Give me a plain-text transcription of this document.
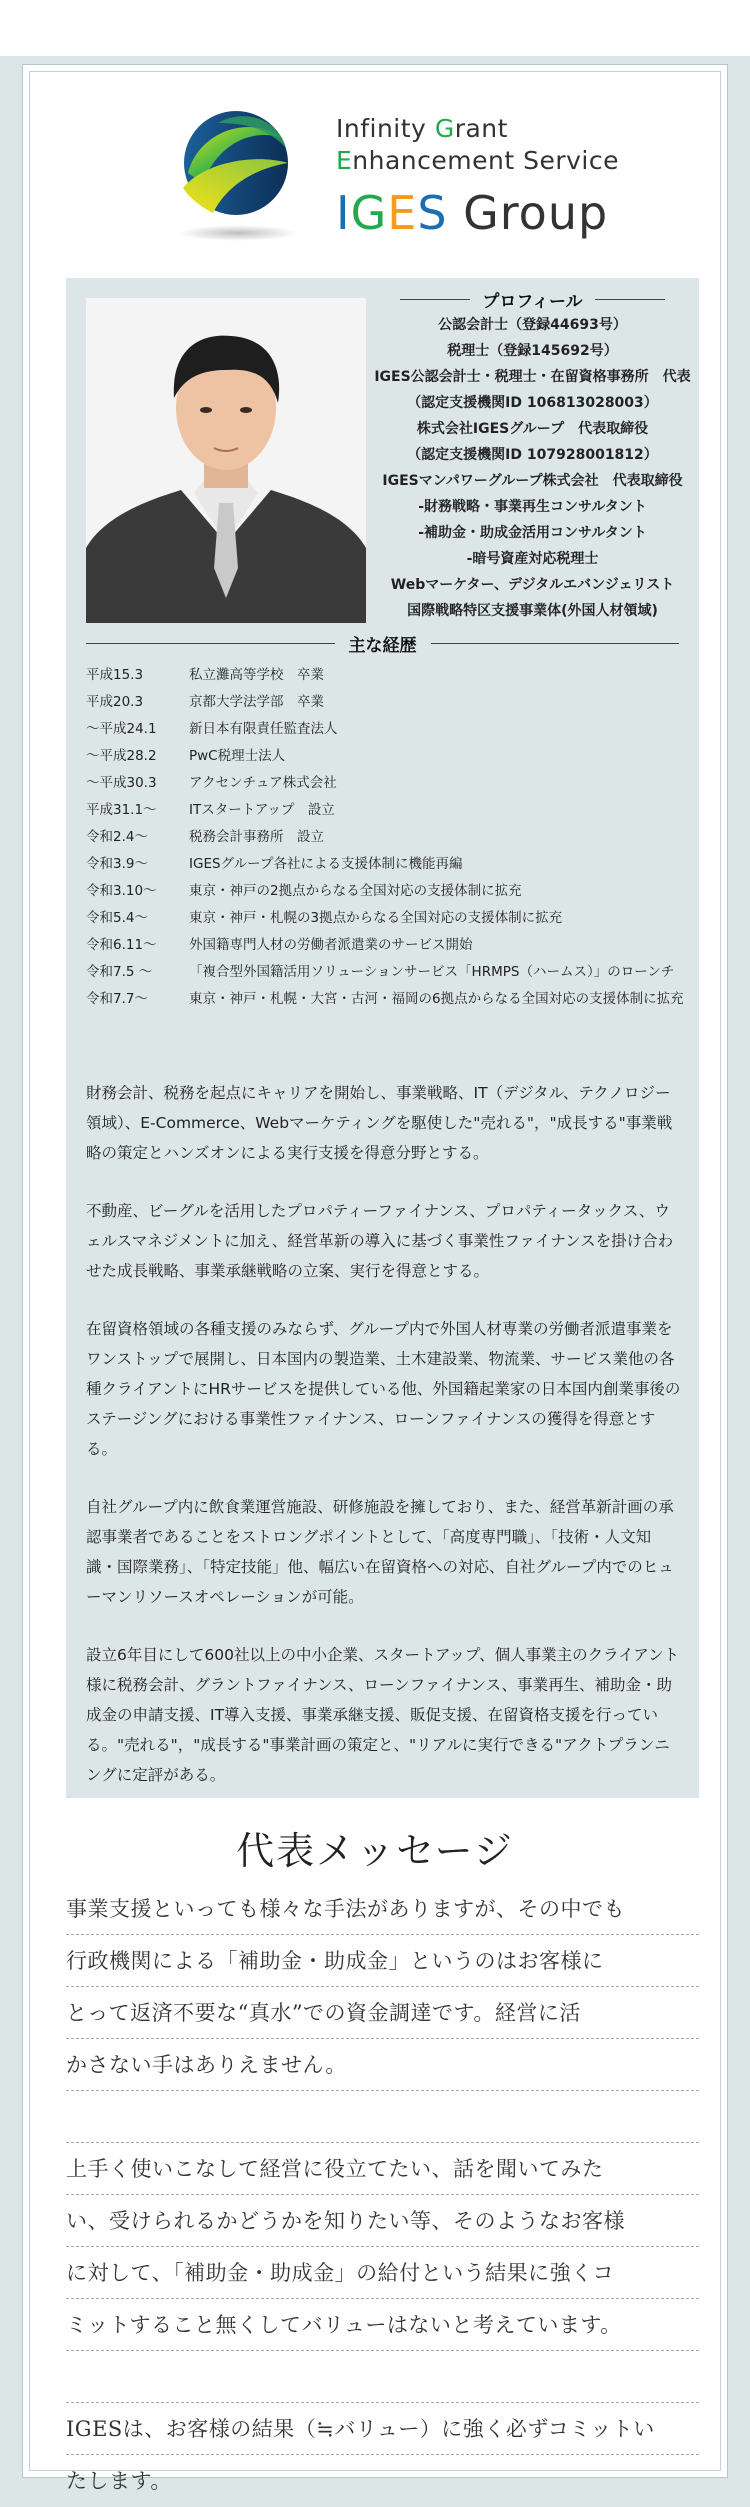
Infinity Grant
Enhancement Service
IGES Group
プロフィール
公認会計士（登録44693号）
税理士（登録145692号）
IGES公認会計士・税理士・在留資格事務所　代表
（認定支援機関ID 106813028003）
株式会社IGESグループ　代表取締役
（認定支援機関ID 107928001812）
IGESマンパワーグループ株式会社　代表取締役
-財務戦略・事業再生コンサルタント
-補助金・助成金活用コンサルタント
-暗号資産対応税理士
Webマーケター、デジタルエバンジェリスト
国際戦略特区支援事業体(外国人材領域)
主な経歴
平成15.3	私立灘高等学校　卒業
平成20.3	京都大学法学部　卒業
～平成24.1	新日本有限責任監査法人
～平成28.2	PwC税理士法人
～平成30.3	アクセンチュア株式会社
平成31.1～	ITスタートアップ　設立
令和2.4～	税務会計事務所　設立
令和3.9～	IGESグループ各社による支援体制に機能再編
令和3.10～	東京・神戸の2拠点からなる全国対応の支援体制に拡充
令和5.4～	東京・神戸・札幌の3拠点からなる全国対応の支援体制に拡充
令和6.11～	外国籍専門人材の労働者派遣業のサービス開始
令和7.5 ～	「複合型外国籍活用ソリューションサービス「HRMPS（ハームス）」のローンチ
令和7.7～	東京・神戸・札幌・大宮・古河・福岡の6拠点からなる全国対応の支援体制に拡充

財務会計、税務を起点にキャリアを開始し、事業戦略、IT（デジタル、テクノロジー領域）、E-Commerce、Webマーケティングを駆使した"売れる"，"成長する"事業戦略の策定とハンズオンによる実行支援を得意分野とする。

不動産、ビーグルを活用したプロパティーファイナンス、プロパティータックス、ウェルスマネジメントに加え、経営革新の導入に基づく事業性ファイナンスを掛け合わせた成長戦略、事業承継戦略の立案、実行を得意とする。

在留資格領域の各種支援のみならず、グループ内で外国人材専業の労働者派遣事業をワンストップで展開し、日本国内の製造業、土木建設業、物流業、サービス業他の各種クライアントにHRサービスを提供している他、外国籍起業家の日本国内創業事後のステージングにおける事業性ファイナンス、ローンファイナンスの獲得を得意とする。

自社グループ内に飲食業運営施設、研修施設を擁しており、また、経営革新計画の承認事業者であることをストロングポイントとして、「高度専門職」、「技術・人文知識・国際業務」、「特定技能」他、幅広い在留資格への対応、自社グループ内でのヒューマンリソースオペレーションが可能。

設立6年目にして600社以上の中小企業、スタートアップ、個人事業主のクライアント様に税務会計、グラントファイナンス、ローンファイナンス、事業再生、補助金・助成金の申請支援、IT導入支援、事業承継支援、販促支援、在留資格支援を行っている。"売れる"，"成長する"事業計画の策定と、"リアルに実行できる"アクトプランニングに定評がある。

代表メッセージ
事業支援といっても様々な手法がありますが、その中でも
行政機関による「補助金・助成金」というのはお客様に
とって返済不要な“真水”での資金調達です。経営に活
かさない手はありえません。
上手く使いこなして経営に役立てたい、話を聞いてみた
い、受けられるかどうかを知りたい等、そのようなお客様
に対して、「補助金・助成金」の給付という結果に強くコ
ミットすること無くしてバリューはないと考えています。
IGESは、お客様の結果（≒バリュー）に強く必ずコミットい
たします。
